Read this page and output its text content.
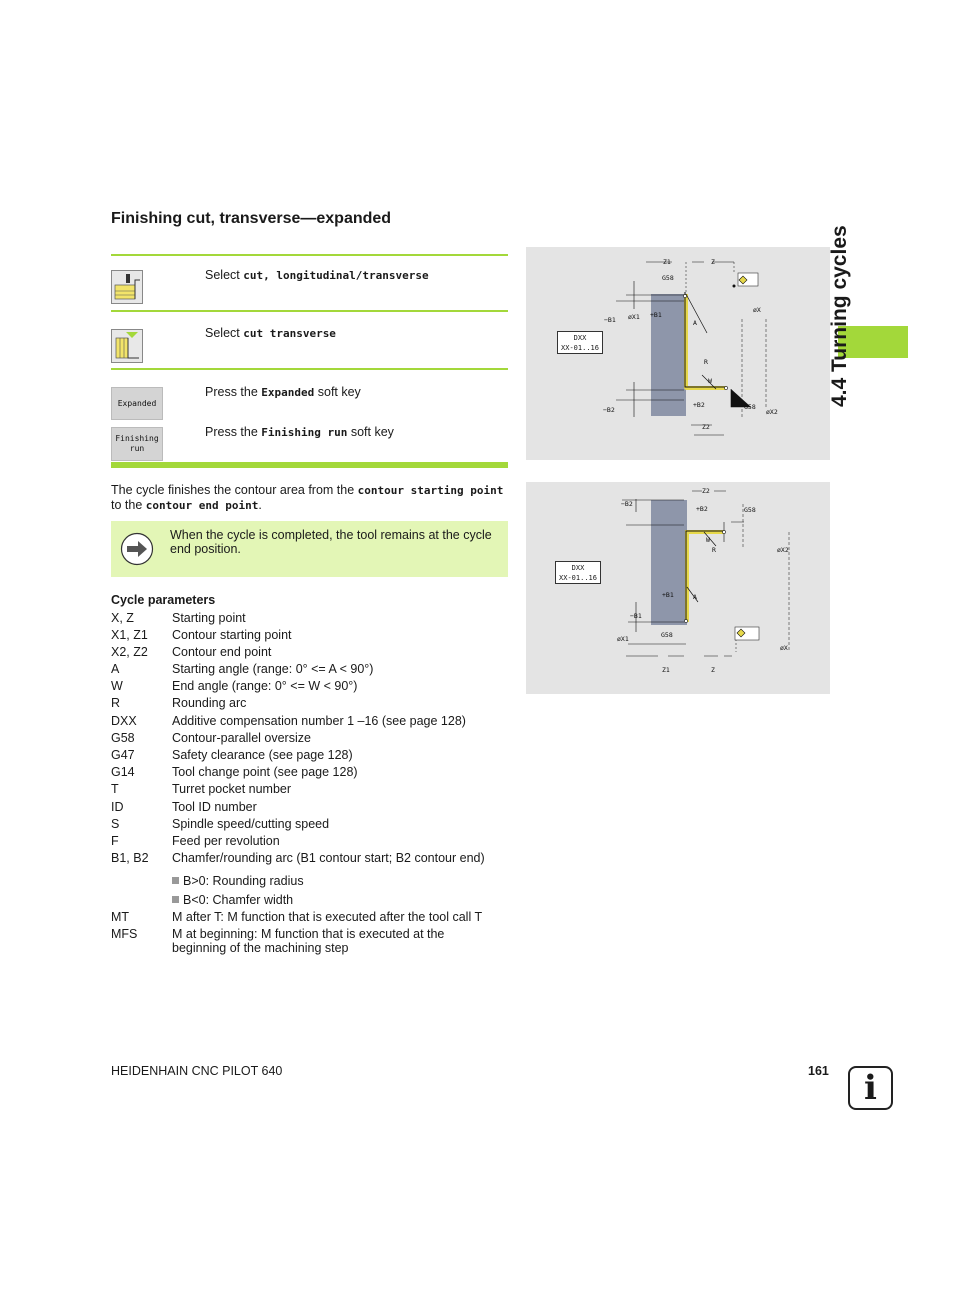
Finishing cut, transverse—expanded
Select cut, longitudinal/transverse
Select cut transverse
Expanded
Press the Expanded soft key
Finishing
run
Press the Finishing run soft key
The cycle finishes the contour area from the contour starting point
to the contour end point.
When the cycle is completed, the tool remains at the cycle end position.
Cycle parameters
X, Z	Starting point
X1, Z1	Contour starting point
X2, Z2	Contour end point
A	Starting angle (range: 0° <= A < 90°)
W	End angle (range: 0° <= W < 90°)
R	Rounding arc
DXX	Additive compensation number 1 –16 (see page 128)
G58	Contour-parallel oversize
G47	Safety clearance (see page 128)
G14	Tool change point (see page 128)
T	Turret pocket number
ID	Tool ID number
S	Spindle speed/cutting speed
F	Feed per revolution
B1, B2	Chamfer/rounding arc (B1 contour start; B2 contour end)
B>0: Rounding radius
B<0: Chamfer width
MT	M after T: M function that is executed after the tool call T
MFS	M at beginning: M function that is executed at the
beginning of the machining step
Z1	Z
G58
−B1 øX1 +B1
A
øX
R
W
−B2
+B2	G58
øX2
Z2
DXX
XX-01..16
Z2
−B2
+B2	G58
W
R	øX2
+B1	A
−B1
øX1	G58
øX
Z1	Z
DXX
XX-01..16
4.4 Turning cycles
HEIDENHAIN CNC PILOT 640	161	i
